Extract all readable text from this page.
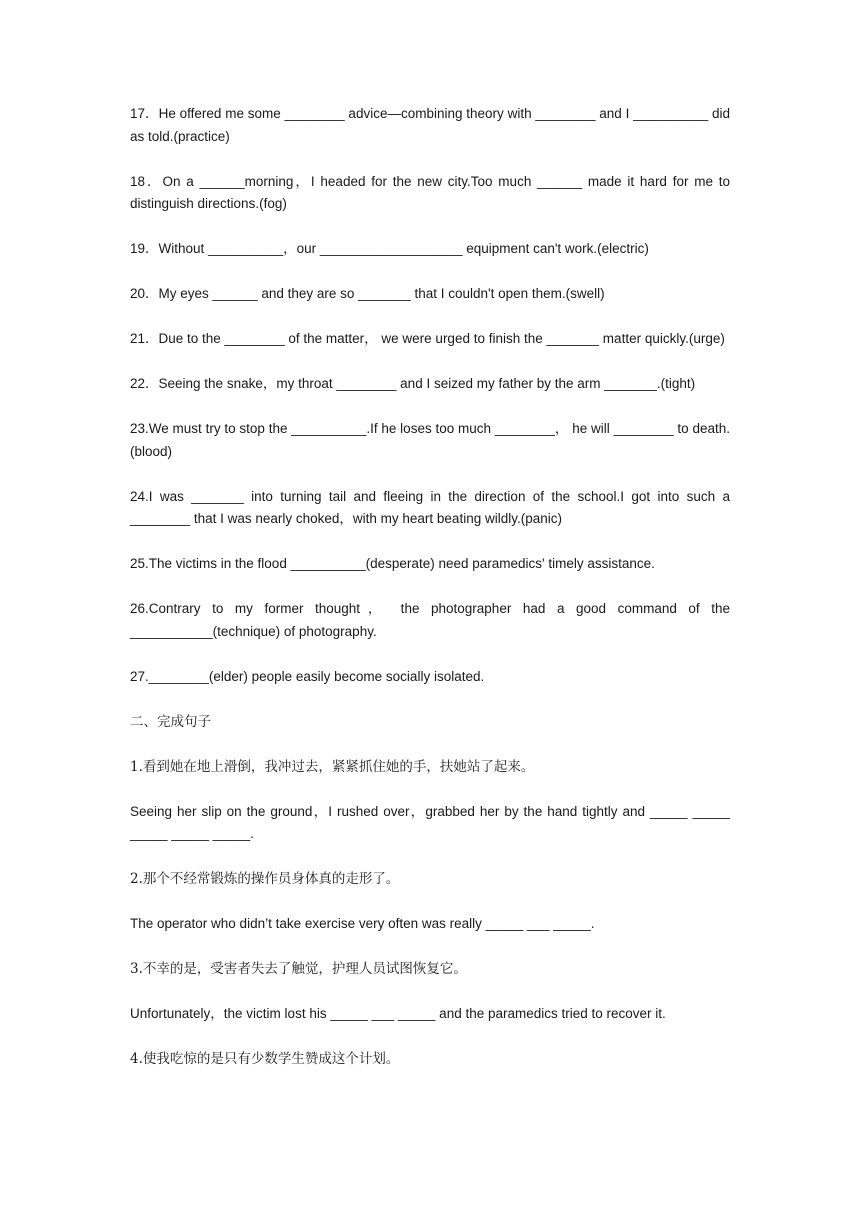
17．He offered me some ________ advice—combining theory with ________ and I __________ did as told.(practice)

18．On a ______morning，I headed for the new city.Too much ______ made it hard for me to distinguish directions.(fog)

19．Without __________，our ___________________ equipment can't work.(electric)

20．My eyes ______ and they are so _______ that I couldn't open them.(swell)

21．Due to the ________ of the matter， we were urged to finish the _______ matter quickly.(urge)

22．Seeing the snake，my throat ________ and I seized my father by the arm _______.(tight)

23.We must try to stop the __________.If he loses too much ________， he will ________ to death.(blood)

24.I was _______ into turning tail and fleeing in the direction of the school.I got into such a ________ that I was nearly choked，with my heart beating wildly.(panic)

25.The victims in the flood __________(desperate) need paramedics' timely assistance.

26.Contrary to my former thought， the photographer had a good command of the ___________(technique) of photography.

27.________(elder) people easily become socially isolated.

二、完成句子

1.看到她在地上滑倒，我冲过去，紧紧抓住她的手，扶她站了起来。

Seeing her slip on the ground，I rushed over，grabbed her by the hand tightly and _____ _____ _____ _____ _____.

2.那个不经常锻炼的操作员身体真的走形了。

The operator who didn’t take exercise very often was really _____ ___ _____.

3.不幸的是，受害者失去了触觉，护理人员试图恢复它。

Unfortunately，the victim lost his _____ ___ _____ and the paramedics tried to recover it.

4.使我吃惊的是只有少数学生赞成这个计划。
